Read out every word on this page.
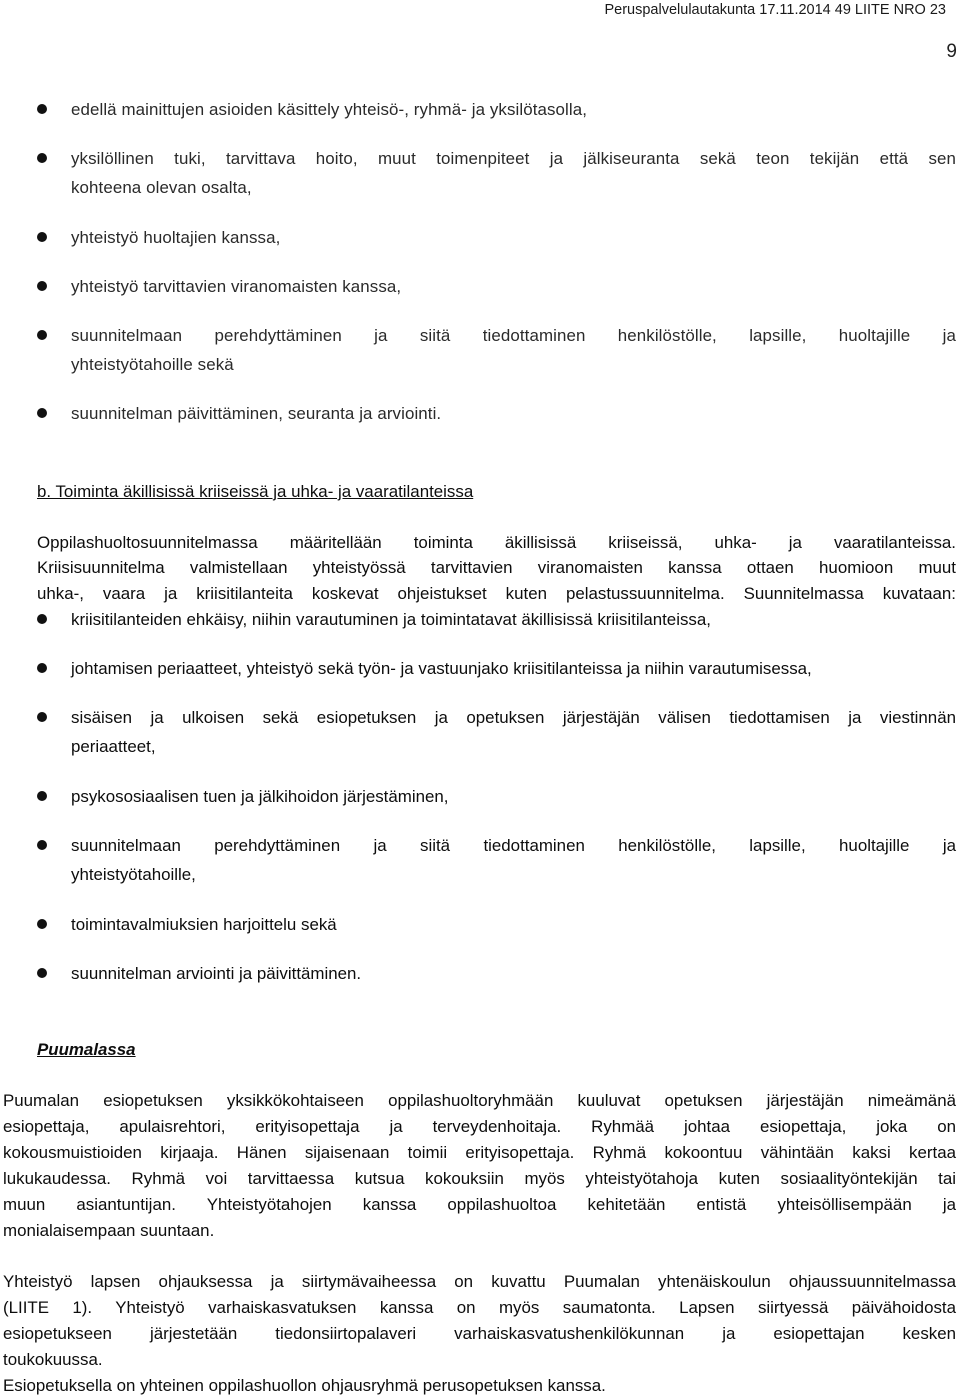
Peruspalvelulautakunta 17.11.2014 49 LIITE NRO 23
9
edellä mainittujen asioiden käsittely yhteisö-, ryhmä- ja yksilötasolla,
yksilöllinen tuki, tarvittava hoito, muut toimenpiteet ja jälkiseuranta sekä teon tekijän että sen
kohteena olevan osalta,
yhteistyö huoltajien kanssa,
yhteistyö tarvittavien viranomaisten kanssa,
suunnitelmaan perehdyttäminen ja siitä tiedottaminen henkilöstölle, lapsille, huoltajille ja
yhteistyötahoille sekä
suunnitelman päivittäminen, seuranta ja arviointi.
b. Toiminta äkillisissä kriiseissä ja uhka- ja vaaratilanteissa
Oppilashuoltosuunnitelmassa määritellään toiminta äkillisissä kriiseissä, uhka- ja vaaratilanteissa.
Kriisisuunnitelma valmistellaan yhteistyössä tarvittavien viranomaisten kanssa ottaen huomioon muut
uhka-, vaara ja kriisitilanteita koskevat ohjeistukset kuten pelastussuunnitelma. Suunnitelmassa kuvataan:
kriisitilanteiden ehkäisy, niihin varautuminen ja toimintatavat äkillisissä kriisitilanteissa,
johtamisen periaatteet, yhteistyö sekä työn- ja vastuunjako kriisitilanteissa ja niihin varautumisessa,
sisäisen ja ulkoisen sekä esiopetuksen ja opetuksen järjestäjän välisen tiedottamisen ja viestinnän
periaatteet,
psykososiaalisen tuen ja jälkihoidon järjestäminen,
suunnitelmaan perehdyttäminen ja siitä tiedottaminen henkilöstölle, lapsille, huoltajille ja
yhteistyötahoille,
toimintavalmiuksien harjoittelu sekä
suunnitelman arviointi ja päivittäminen.
Puumalassa
Puumalan esiopetuksen yksikkökohtaiseen oppilashuoltoryhmään kuuluvat opetuksen järjestäjän nimeämänä
esiopettaja, apulaisrehtori, erityisopettaja ja terveydenhoitaja. Ryhmää johtaa esiopettaja, joka on
kokousmuistioiden kirjaaja. Hänen sijaisenaan toimii erityisopettaja. Ryhmä kokoontuu vähintään kaksi kertaa
lukukaudessa. Ryhmä voi tarvittaessa kutsua kokouksiin myös yhteistyötahoja kuten sosiaalityöntekijän tai
muun asiantuntijan. Yhteistyötahojen kanssa oppilashuoltoa kehitetään entistä yhteisöllisempään ja
monialaisempaan suuntaan.
Yhteistyö lapsen ohjauksessa ja siirtymävaiheessa on kuvattu Puumalan yhtenäiskoulun ohjaussuunnitelmassa
(LIITE 1). Yhteistyö varhaiskasvatuksen kanssa on myös saumatonta. Lapsen siirtyessä päivähoidosta
esiopetukseen järjestetään tiedonsiirtopalaveri varhaiskasvatushenkilökunnan ja esiopettajan kesken
toukokuussa.
Esiopetuksella on yhteinen oppilashuollon ohjausryhmä perusopetuksen kanssa.
